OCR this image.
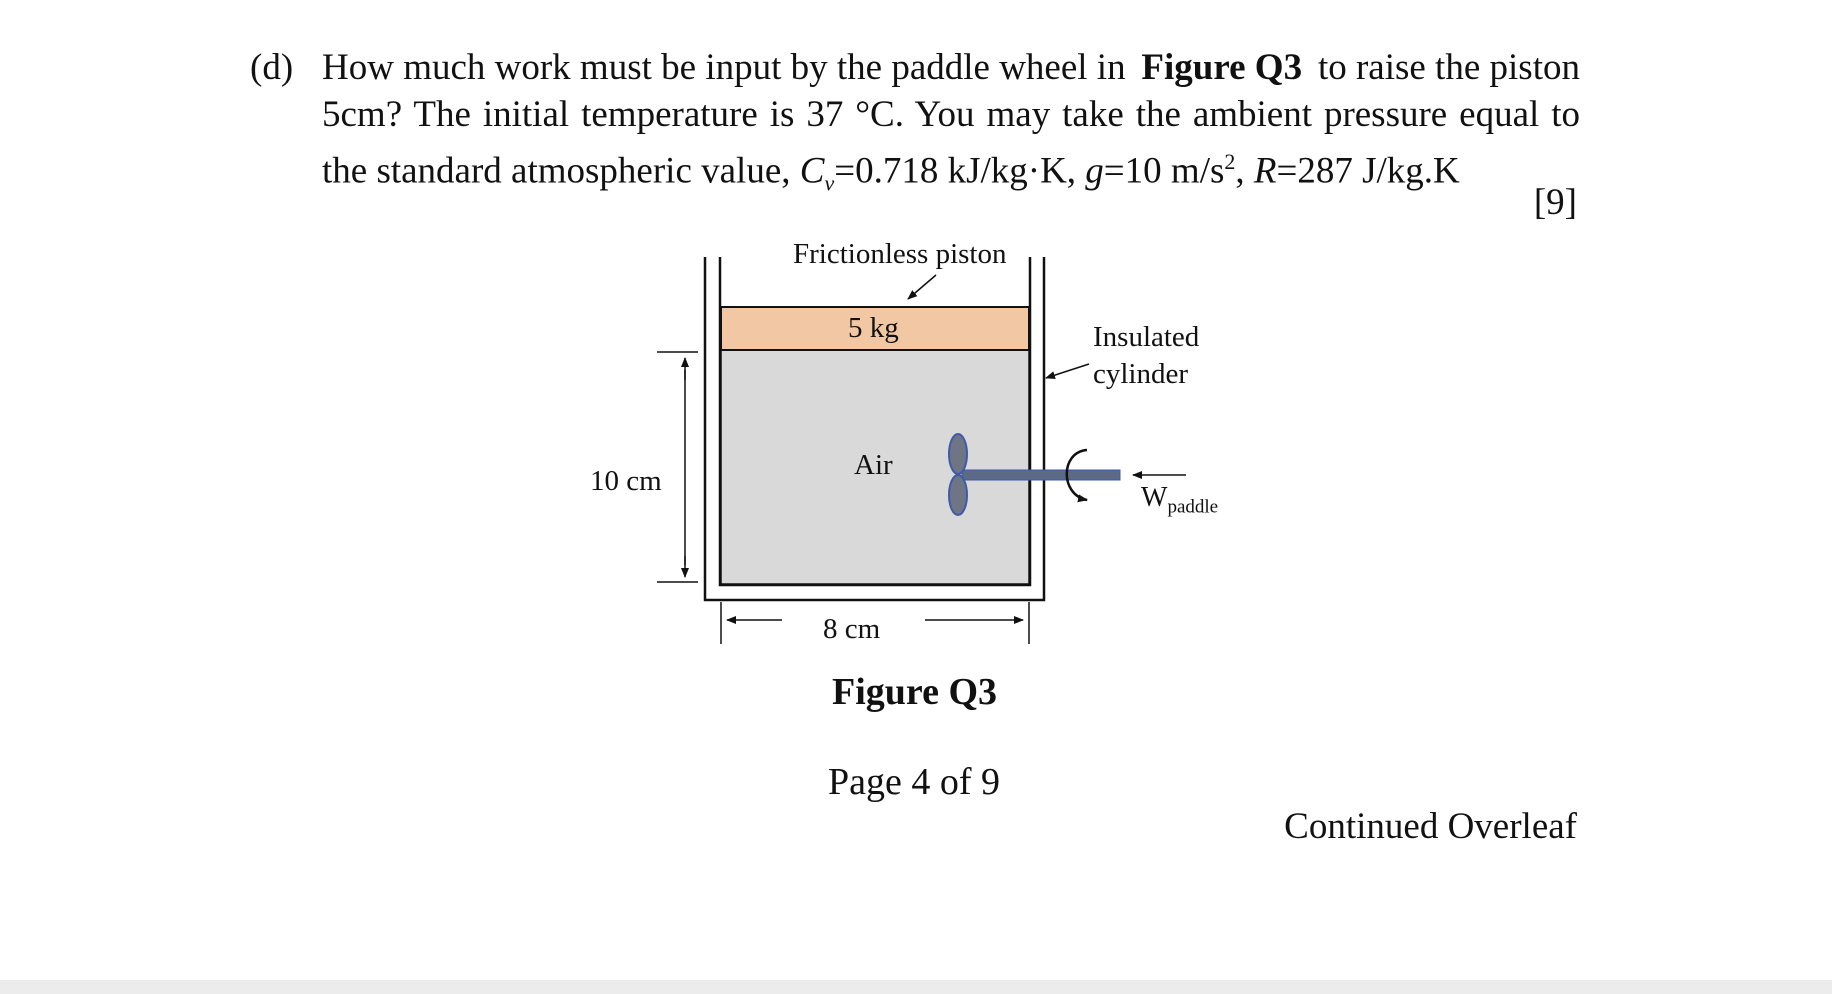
(d) How much work must be input by the paddle wheel in Figure Q3 to raise the piston
5cm? The initial temperature is 37 °C. You may take the ambient pressure equal to
the standard atmospheric value, $C_v=0.718$ kJ/kg·K, g=10 $m/s^2$, R=287 J/kg.K
[9]
Frictionless piston
5 kg	Insulated
cylinder
Air
10 cm
8 cm
$W_{paddle}$
Figure Q3
Page 4 of 9
Continued Overleaf
